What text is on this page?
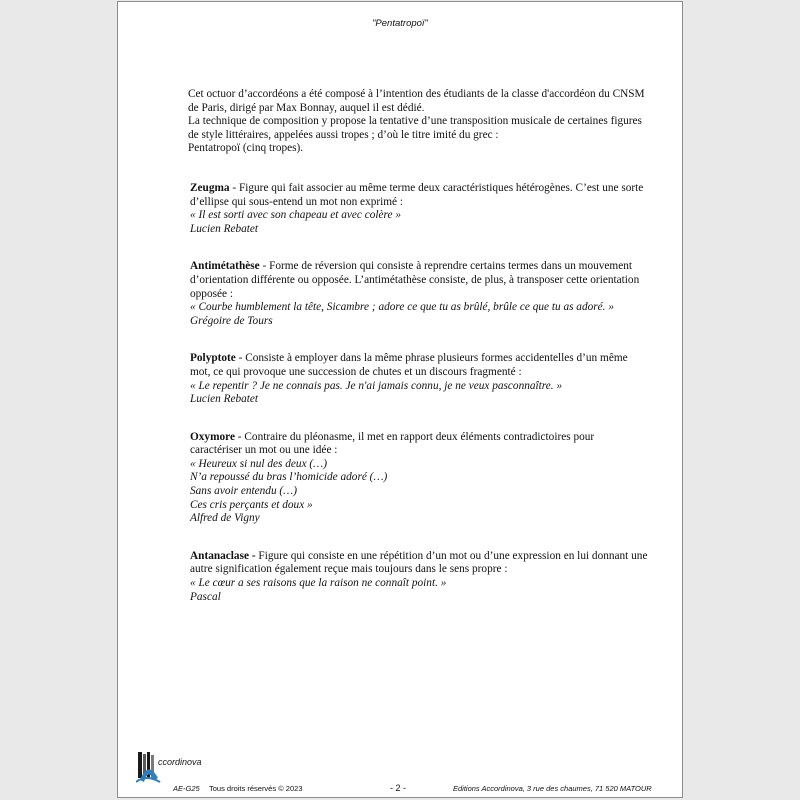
"Pentatropoï"

Cet octuor d’accordéons a été composé à l’intention des étudiants de la classe d'accordéon du CNSM de Paris, dirigé par Max Bonnay, auquel il est dédié.

La technique de composition y propose la tentative d’une transposition musicale de certaines figures de style littéraires, appelées aussi tropes ; d’où le titre imité du grec :
Pentatropoï (cinq tropes).

Zeugma - Figure qui fait associer au même terme deux caractéristiques hétérogènes. C’est une sorte d’ellipse qui sous-entend un mot non exprimé :

« Il est sorti avec son chapeau et avec colère »

Lucien Rebatet

Antimétathèse - Forme de réversion qui consiste à reprendre certains termes dans un mouvement d’orientation différente ou opposée. L’antimétathèse consiste, de plus, à transposer cette orientation opposée :

« Courbe humblement la tête, Sicambre ; adore ce que tu as brûlé, brûle ce que tu as adoré. »

Grégoire de Tours

Polyptote - Consiste à employer dans la même phrase plusieurs formes accidentelles d’un même mot, ce qui provoque une succession de chutes et un discours fragmenté :

« Le repentir ? Je ne connais pas. Je n'ai jamais connu, je ne veux pasconnaître. »

Lucien Rebatet

Oxymore - Contraire du pléonasme, il met en rapport deux éléments contradictoires pour caractériser un mot ou une idée :

« Heureux si nul des deux (…)
N’a repoussé du bras l’homicide adoré (…)
Sans avoir entendu (…)
Ces cris perçants et doux »

Alfred de Vigny

Antanaclase - Figure qui consiste en une répétition d’un mot ou d’une expression en lui donnant une autre signification également reçue mais toujours dans le sens propre :

« Le cœur a ses raisons que la raison ne connaît point. »

Pascal
ccordinova
AE-G25 Tous droits réservés © 2023	- 2 -	Editions Accordinova, 3 rue des chaumes, 71 520 MATOUR
